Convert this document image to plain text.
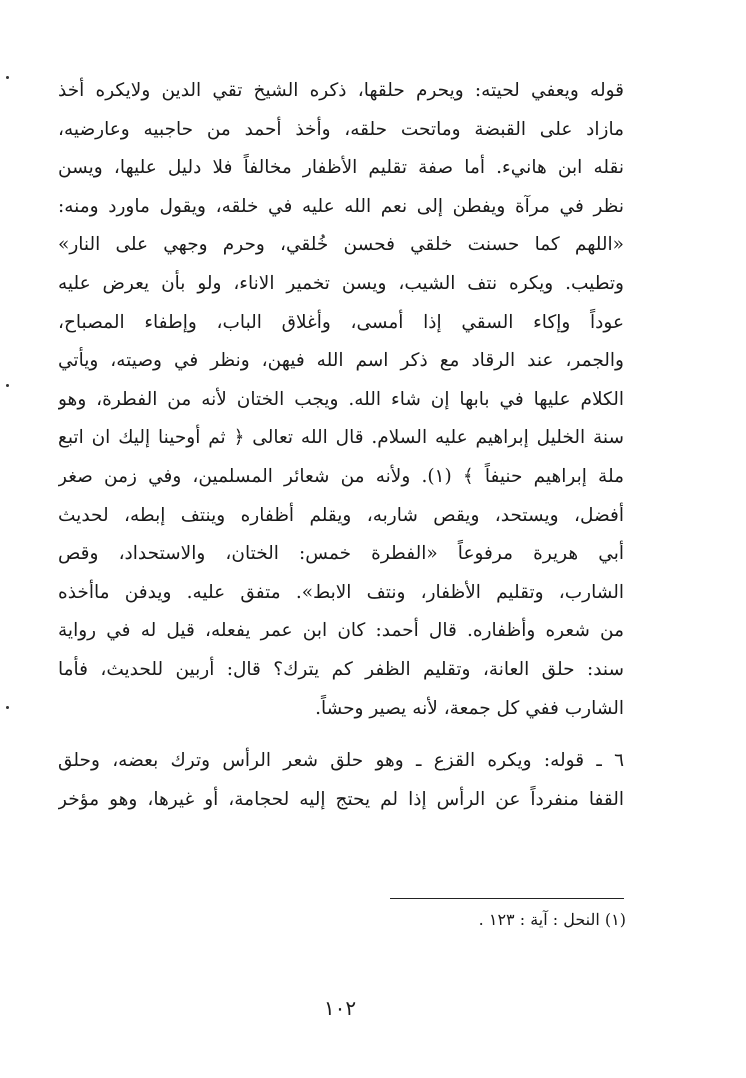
قوله ويعفي لحيته: ويحرم حلقها، ذكره الشيخ تقي الدين ولايكره أخذ
مازاد على القبضة وماتحت حلقه، وأخذ أحمد من حاجبيه وعارضيه،
نقله ابن هانيء. أما صفة تقليم الأظفار مخالفاً فلا دليل عليها، ويسن
نظر في مرآة ويفطن إلى نعم الله عليه في خلقه، ويقول ماورد ومنه:
«اللهم كما حسنت خلقي فحسن خُلقي، وحرم وجهي على النار»
وتطيب. ويكره نتف الشيب، ويسن تخمير الاناء، ولو بأن يعرض عليه
عوداً وإكاء السقي إذا أمسى، وأغلاق الباب، وإطفاء المصباح،
والجمر، عند الرقاد مع ذكر اسم الله فيهن، ونظر في وصيته، ويأتي
الكلام عليها في بابها إن شاء الله. ويجب الختان لأنه من الفطرة، وهو
سنة الخليل إبراهيم عليه السلام. قال الله تعالى ﴿ ثم أوحينا إليك ان اتبع
ملة إبراهيم حنيفاً ﴾ (١). ولأنه من شعائر المسلمين، وفي زمن صغر
أفضل، ويستحد، ويقص شاربه، ويقلم أظفاره وينتف إبطه، لحديث
أبي هريرة مرفوعاً «الفطرة خمس: الختان، والاستحداد، وقص
الشارب، وتقليم الأظفار، ونتف الابط». متفق عليه. ويدفن ماأخذه
من شعره وأظفاره. قال أحمد: كان ابن عمر يفعله، قيل له في رواية
سند: حلق العانة، وتقليم الظفر كم يترك؟ قال: أربين للحديث، فأما
الشارب ففي كل جمعة، لأنه يصير وحشاً.
٦ ـ قوله: ويكره القزع ـ وهو حلق شعر الرأس وترك بعضه، وحلق
القفا منفرداً عن الرأس إذا لم يحتج إليه لحجامة، أو غيرها، وهو مؤخر
(١) النحل : آية : ١٢٣ .
١٠٢
